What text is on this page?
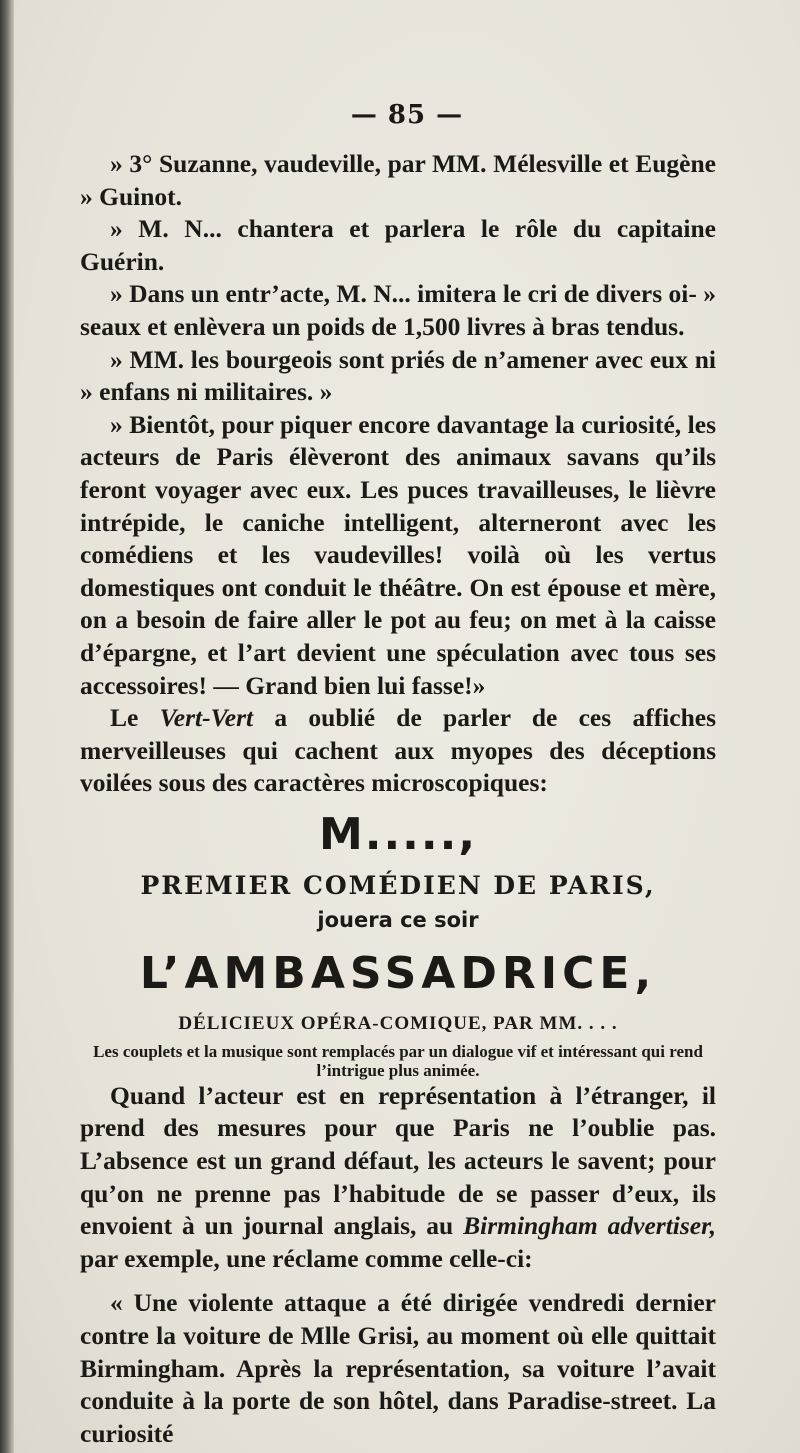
— 85 —

» 3° Suzanne, vaudeville, par MM. Mélesville et Eugène » Guinot.

» M. N... chantera et parlera le rôle du capitaine Guérin.

» Dans un entr’acte, M. N... imitera le cri de divers oi- » seaux et enlèvera un poids de 1,500 livres à bras tendus.

» MM. les bourgeois sont priés de n’amener avec eux ni » enfans ni militaires. »

» Bientôt, pour piquer encore davantage la curiosité, les acteurs de Paris élèveront des animaux savans qu’ils feront voyager avec eux. Les puces travailleuses, le lièvre intrépide, le caniche intelligent, alterneront avec les comédiens et les vaudevilles! voilà où les vertus domestiques ont conduit le théâtre. On est épouse et mère, on a besoin de faire aller le pot au feu; on met à la caisse d’épargne, et l’art devient une spéculation avec tous ses accessoires! — Grand bien lui fasse!»

Le Vert-Vert a oublié de parler de ces affiches merveilleuses qui cachent aux myopes des déceptions voilées sous des caractères microscopiques:

M.....,
PREMIER COMÉDIEN DE PARIS,
jouera ce soir
L’AMBASSADRICE,
DÉLICIEUX OPÉRA-COMIQUE, PAR MM. . . .

Les couplets et la musique sont remplacés par un dialogue vif et intéressant qui rend l’intrigue plus animée.

Quand l’acteur est en représentation à l’étranger, il prend des mesures pour que Paris ne l’oublie pas. L’absence est un grand défaut, les acteurs le savent; pour qu’on ne prenne pas l’habitude de se passer d’eux, ils envoient à un journal anglais, au Birmingham advertiser, par exemple, une réclame comme celle-ci:

« Une violente attaque a été dirigée vendredi dernier contre la voiture de Mlle Grisi, au moment où elle quittait Birmingham. Après la représentation, sa voiture l’avait conduite à la porte de son hôtel, dans Paradise-street. La curiosité
